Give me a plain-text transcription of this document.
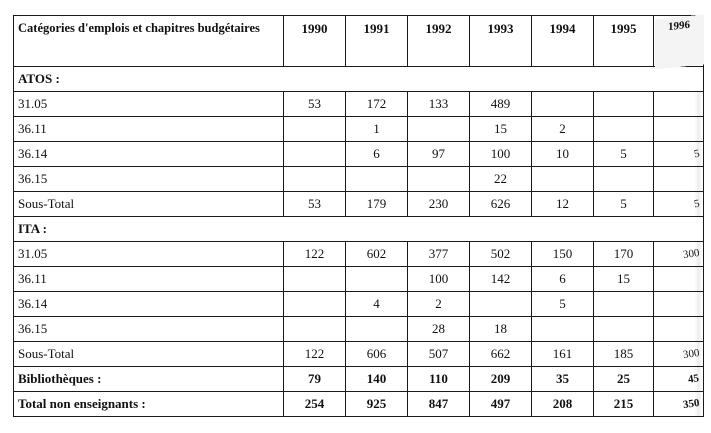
Catégories d'emplois et chapitres budgétaires	1990	1991	1992	1993	1994	1995	1996
ATOS :							
31.05	53	172	133	489			
36.11		1		15	2		
36.14		6	97	100	10	5	5
36.15				22			
Sous-Total	53	179	230	626	12	5	5
ITA :							
31.05	122	602	377	502	150	170	300
36.11			100	142	6	15	
36.14		4	2		5		
36.15			28	18			
Sous-Total	122	606	507	662	161	185	300
Bibliothèques :	79	140	110	209	35	25	45
Total non enseignants :	254	925	847	497	208	215	350
